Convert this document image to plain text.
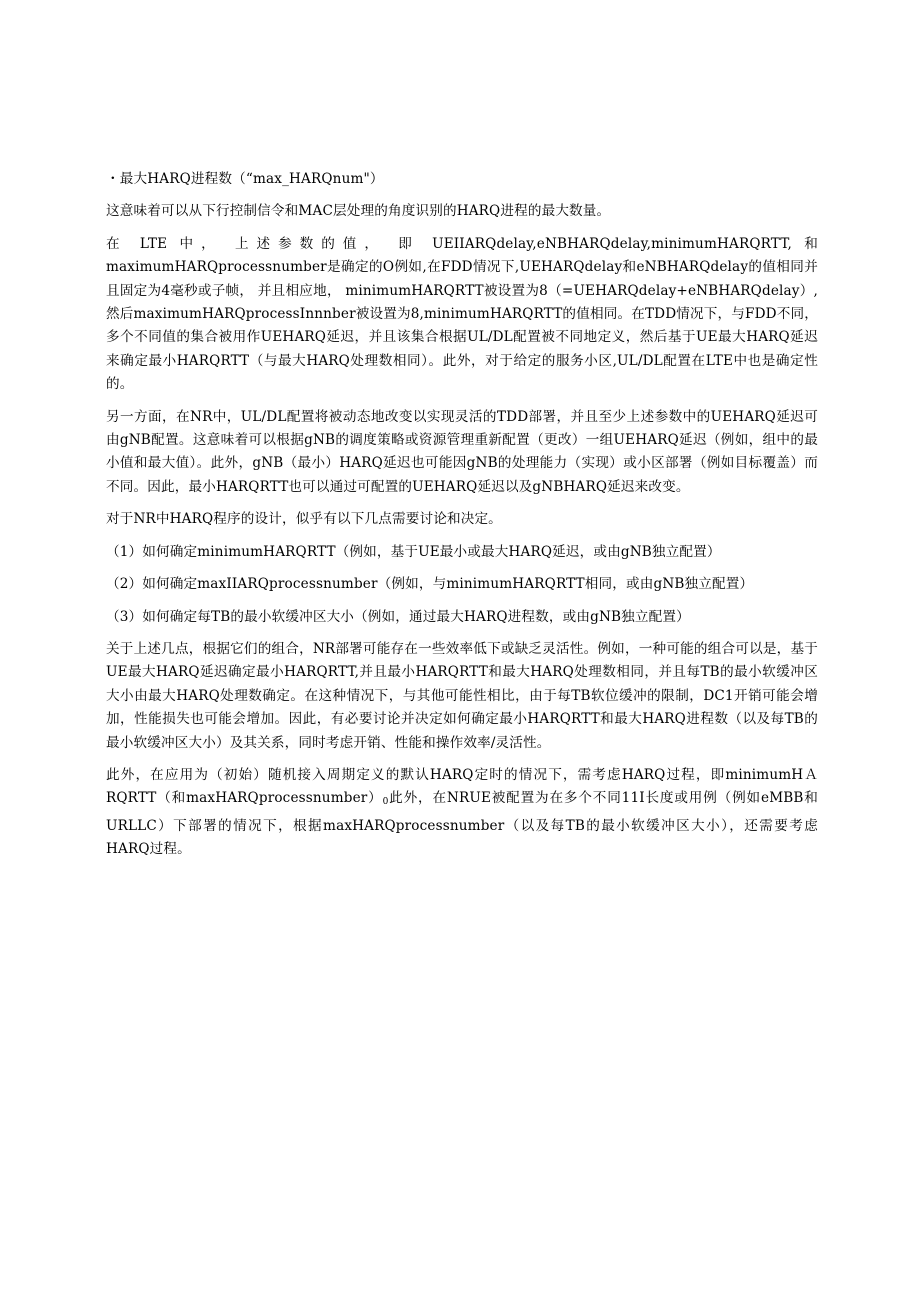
・最大HARQ进程数（“max_HARQnum"）

这意味着可以从下行控制信令和MAC层处理的角度识别的HARQ进程的最大数量。

在 LTE 中， 上述参数的值， 即 UEIIARQdelay,eNBHARQdelay,minimumHARQRTT, 和 maximumHARQprocessnumber是确定的O例如,在FDD情况下,UEHARQdelay和eNBHARQdelay的值相同并且固定为4毫秒或子帧， 并且相应地， minimumHARQRTT被设置为8（=UEHARQdelay+eNBHARQdelay）,然后maximumHARQprocessInnnber被设置为8,minimumHARQRTT的值相同。在TDD情况下，与FDD不同，多个不同值的集合被用作UEHARQ延迟，并且该集合根据UL/DL配置被不同地定义，然后基于UE最大HARQ延迟来确定最小HARQRTT（与最大HARQ处理数相同）。此外，对于给定的服务小区,UL/DL配置在LTE中也是确定性的。

另一方面，在NR中，UL/DL配置将被动态地改变以实现灵活的TDD部署，并且至少上述参数中的UEHARQ延迟可由gNB配置。这意味着可以根据gNB的调度策略或资源管理重新配置（更改）一组UEHARQ延迟（例如，组中的最小值和最大值）。此外，gNB（最小）HARQ延迟也可能因gNB的处理能力（实现）或小区部署（例如目标覆盖）而不同。因此，最小HARQRTT也可以通过可配置的UEHARQ延迟以及gNBHARQ延迟来改变。

对于NR中HARQ程序的设计，似乎有以下几点需要讨论和决定。

（1）如何确定minimumHARQRTT（例如，基于UE最小或最大HARQ延迟，或由gNB独立配置）

（2）如何确定maxIIARQprocessnumber（例如，与minimumHARQRTT相同，或由gNB独立配置）

（3）如何确定每TB的最小软缓冲区大小（例如，通过最大HARQ进程数，或由gNB独立配置）

关于上述几点，根据它们的组合，NR部署可能存在一些效率低下或缺乏灵活性。例如，一种可能的组合可以是，基于UE最大HARQ延迟确定最小HARQRTT,并且最小HARQRTT和最大HARQ处理数相同，并且每TB的最小软缓冲区大小由最大HARQ处理数确定。在这种情况下，与其他可能性相比，由于每TB软位缓冲的限制，DC1开销可能会增加，性能损失也可能会增加。因此，有必要讨论并决定如何确定最小HARQRTT和最大HARQ进程数（以及每TB的最小软缓冲区大小）及其关系，同时考虑开销、性能和操作效率/灵活性。

此外，在应用为（初始）随机接入周期定义的默认HARQ定时的情况下，需考虑HARQ过程，即minimumHＡRQRTT（和$maxHARQprocessnumber)_0$此外，在NRUE被配置为在多个不同11I长度或用例（例如eMBB和URLLC）下部署的情况下，根据maxHARQprocessnumber（以及每TB的最小软缓冲区大小），还需要考虑HARQ过程。
